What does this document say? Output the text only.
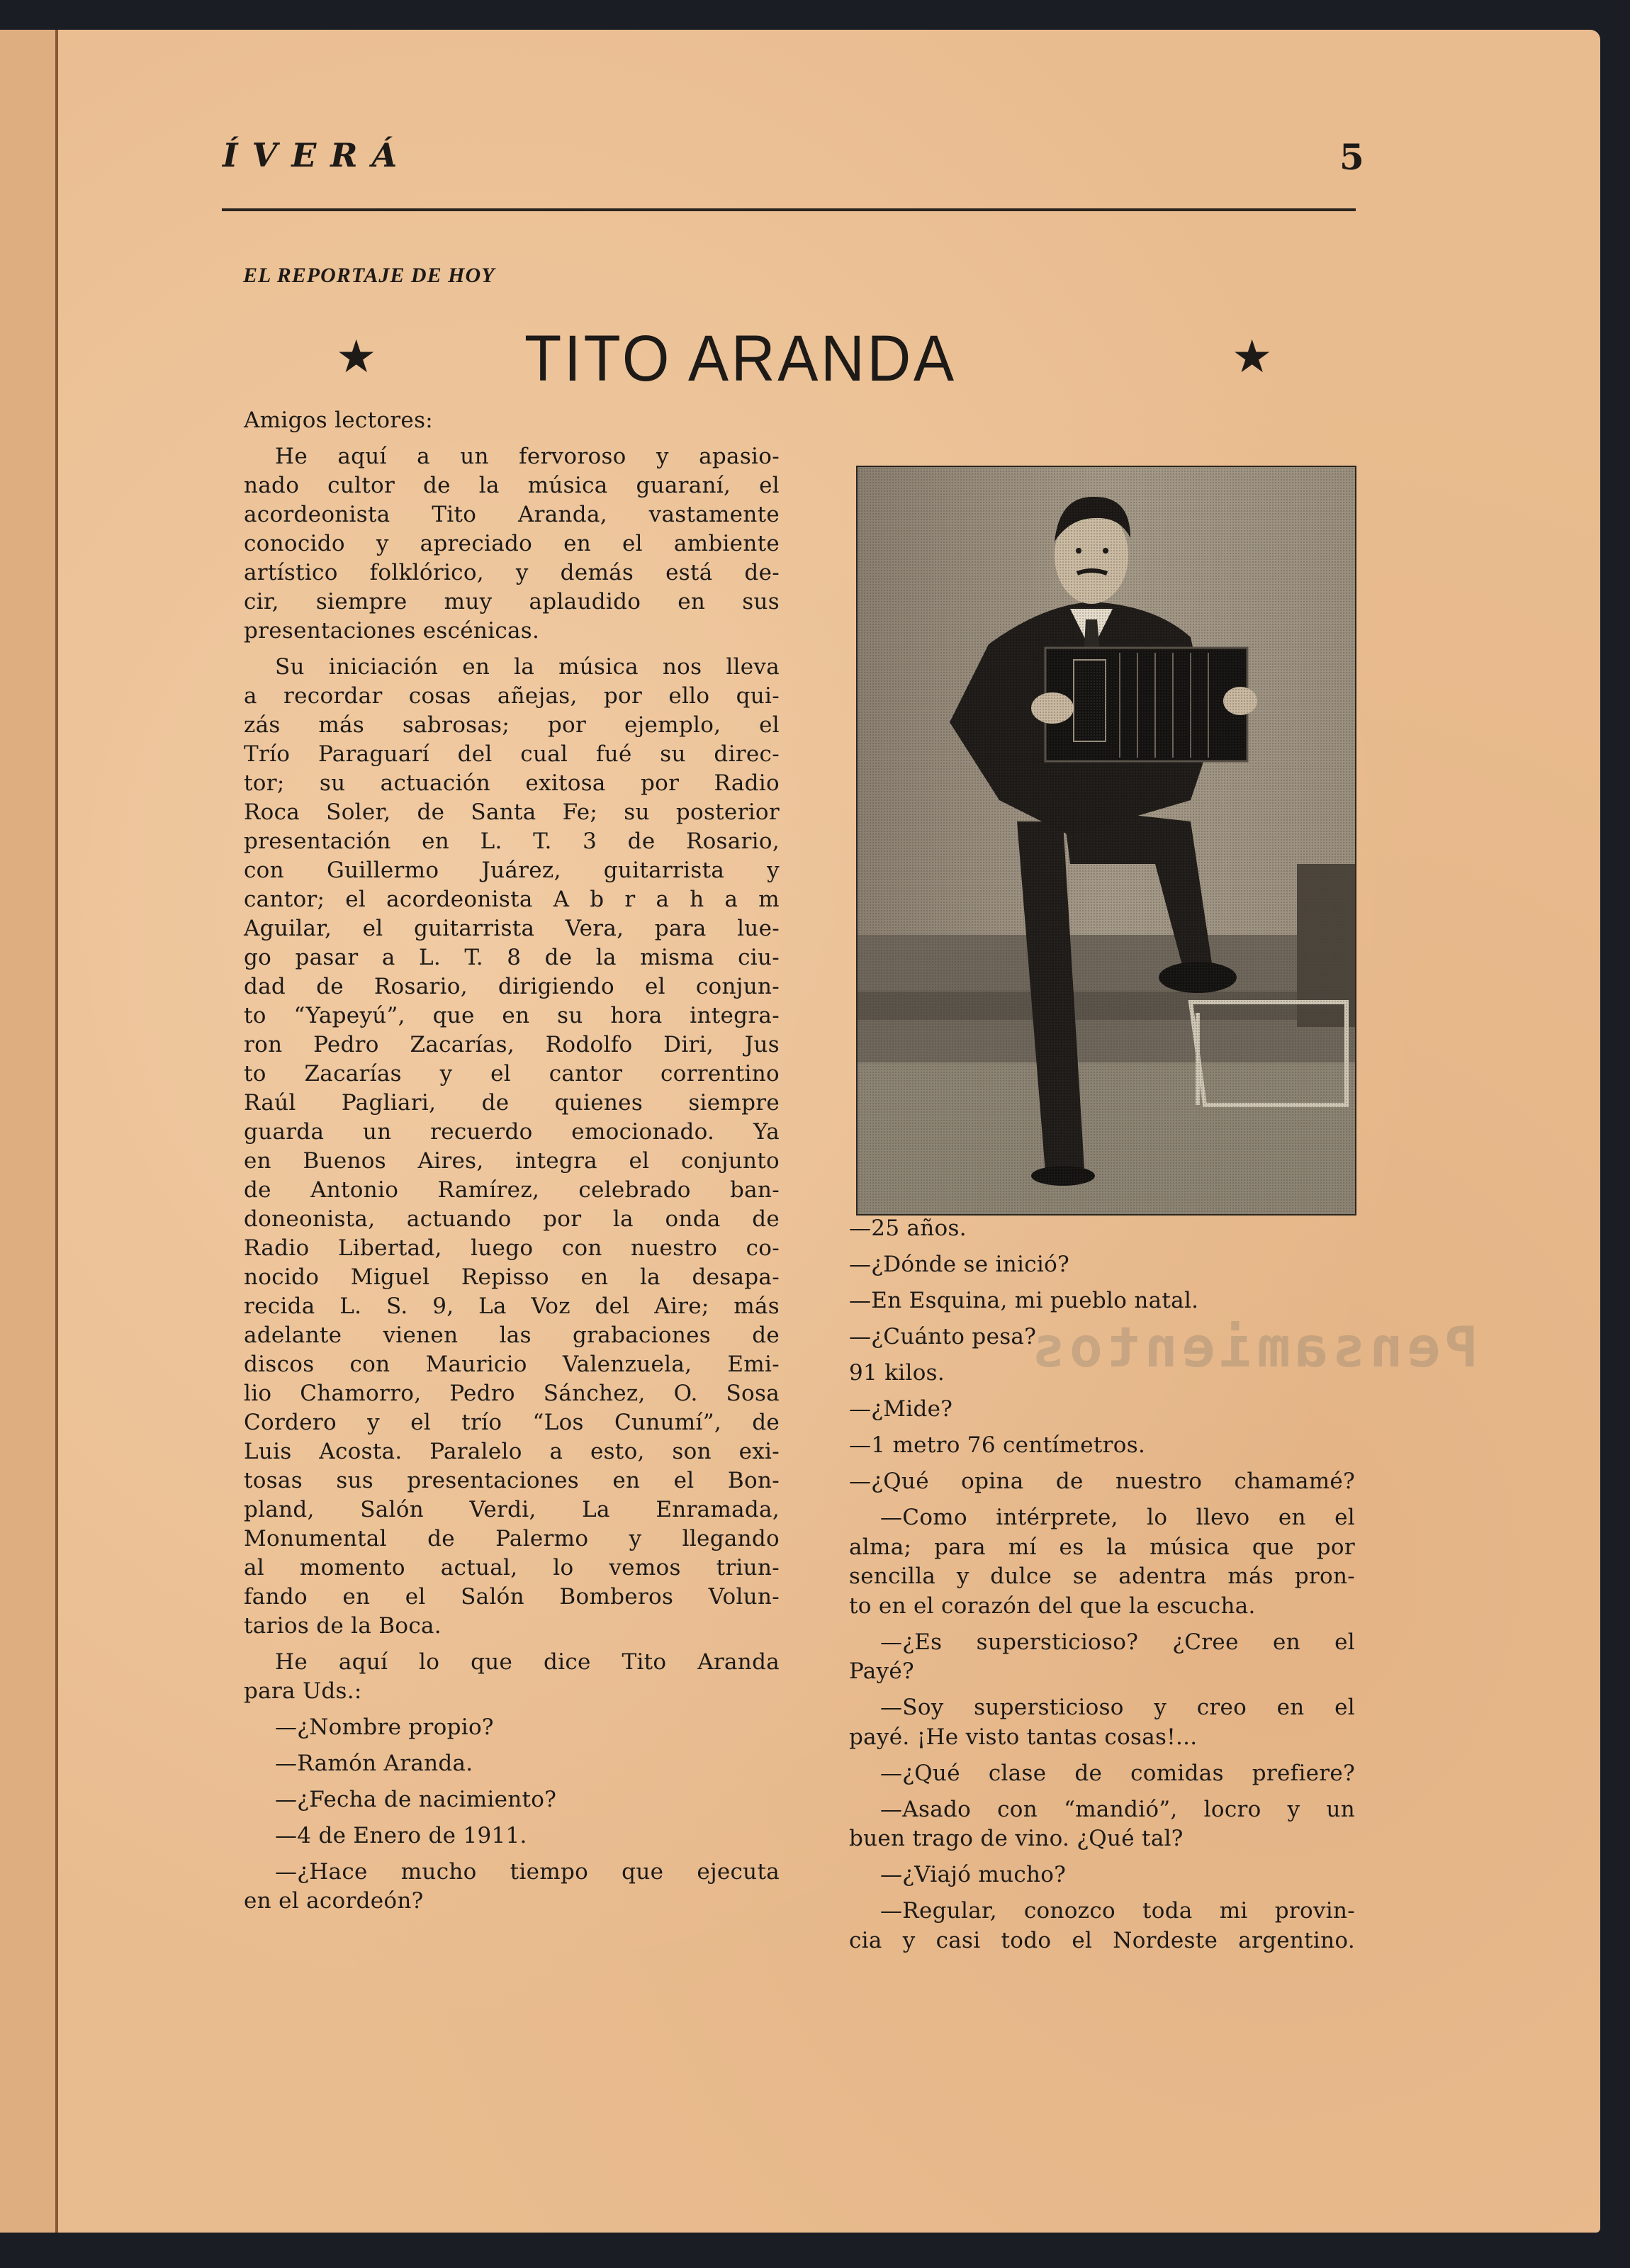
ÍVERÁ	5
EL REPORTAJE DE HOY
★ TITO ARANDA	★
Pensamientos
Amigos lectores:
He aquí a un fervoroso y apasio-
nado cultor de la música guaraní, el
acordeonista Tito Aranda, vastamente
conocido y apreciado en el ambiente
artístico folklórico, y demás está de-
cir, siempre muy aplaudido en sus
presentaciones escénicas.
Su iniciación en la música nos lleva
a recordar cosas añejas, por ello qui-
zás más sabrosas; por ejemplo, el
Trío Paraguarí del cual fué su direc-
tor; su actuación exitosa por Radio
Roca Soler, de Santa Fe; su posterior
presentación en L. T. 3 de Rosario,
con Guillermo Juárez, guitarrista y
cantor; el acordeonista A b r a h a m
Aguilar, el guitarrista Vera, para lue-
go pasar a L. T. 8 de la misma ciu-
dad de Rosario, dirigiendo el conjun-
to “Yapeyú”, que en su hora integra-
ron Pedro Zacarías, Rodolfo Diri, Jus
to Zacarías y el cantor correntino
Raúl Pagliari, de quienes siempre
guarda un recuerdo emocionado. Ya
en Buenos Aires, integra el conjunto
de Antonio Ramírez, celebrado ban-
doneonista, actuando por la onda de
Radio Libertad, luego con nuestro co-
nocido Miguel Repisso en la desapa-
recida L. S. 9, La Voz del Aire; más
adelante vienen las grabaciones de
discos con Mauricio Valenzuela, Emi-
lio Chamorro, Pedro Sánchez, O. Sosa
Cordero y el trío “Los Cunumí”, de
Luis Acosta. Paralelo a esto, son exi-
tosas sus presentaciones en el Bon-
pland, Salón Verdi, La Enramada,
Monumental de Palermo y llegando
al momento actual, lo vemos triun-
fando en el Salón Bomberos Volun-
tarios de la Boca.
He aquí lo que dice Tito Aranda
para Uds.:
—¿Nombre propio?
—Ramón Aranda.
—¿Fecha de nacimiento?
—4 de Enero de 1911.
—¿Hace mucho tiempo que ejecuta
en el acordeón?
—25 años.
—¿Dónde se inició?
—En Esquina, mi pueblo natal.
—¿Cuánto pesa?
91 kilos.
—¿Mide?
—1 metro 76 centímetros.
—¿Qué opina de nuestro chamamé?
—Como intérprete, lo llevo en el
alma; para mí es la música que por
sencilla y dulce se adentra más pron-
to en el corazón del que la escucha.
—¿Es supersticioso? ¿Cree en el
Payé?
—Soy supersticioso y creo en el
payé. ¡He visto tantas cosas!...
—¿Qué clase de comidas prefiere?
—Asado con “mandió”, locro y un
buen trago de vino. ¿Qué tal?
—¿Viajó mucho?
—Regular, conozco toda mi provin-
cia y casi todo el Nordeste argentino.
